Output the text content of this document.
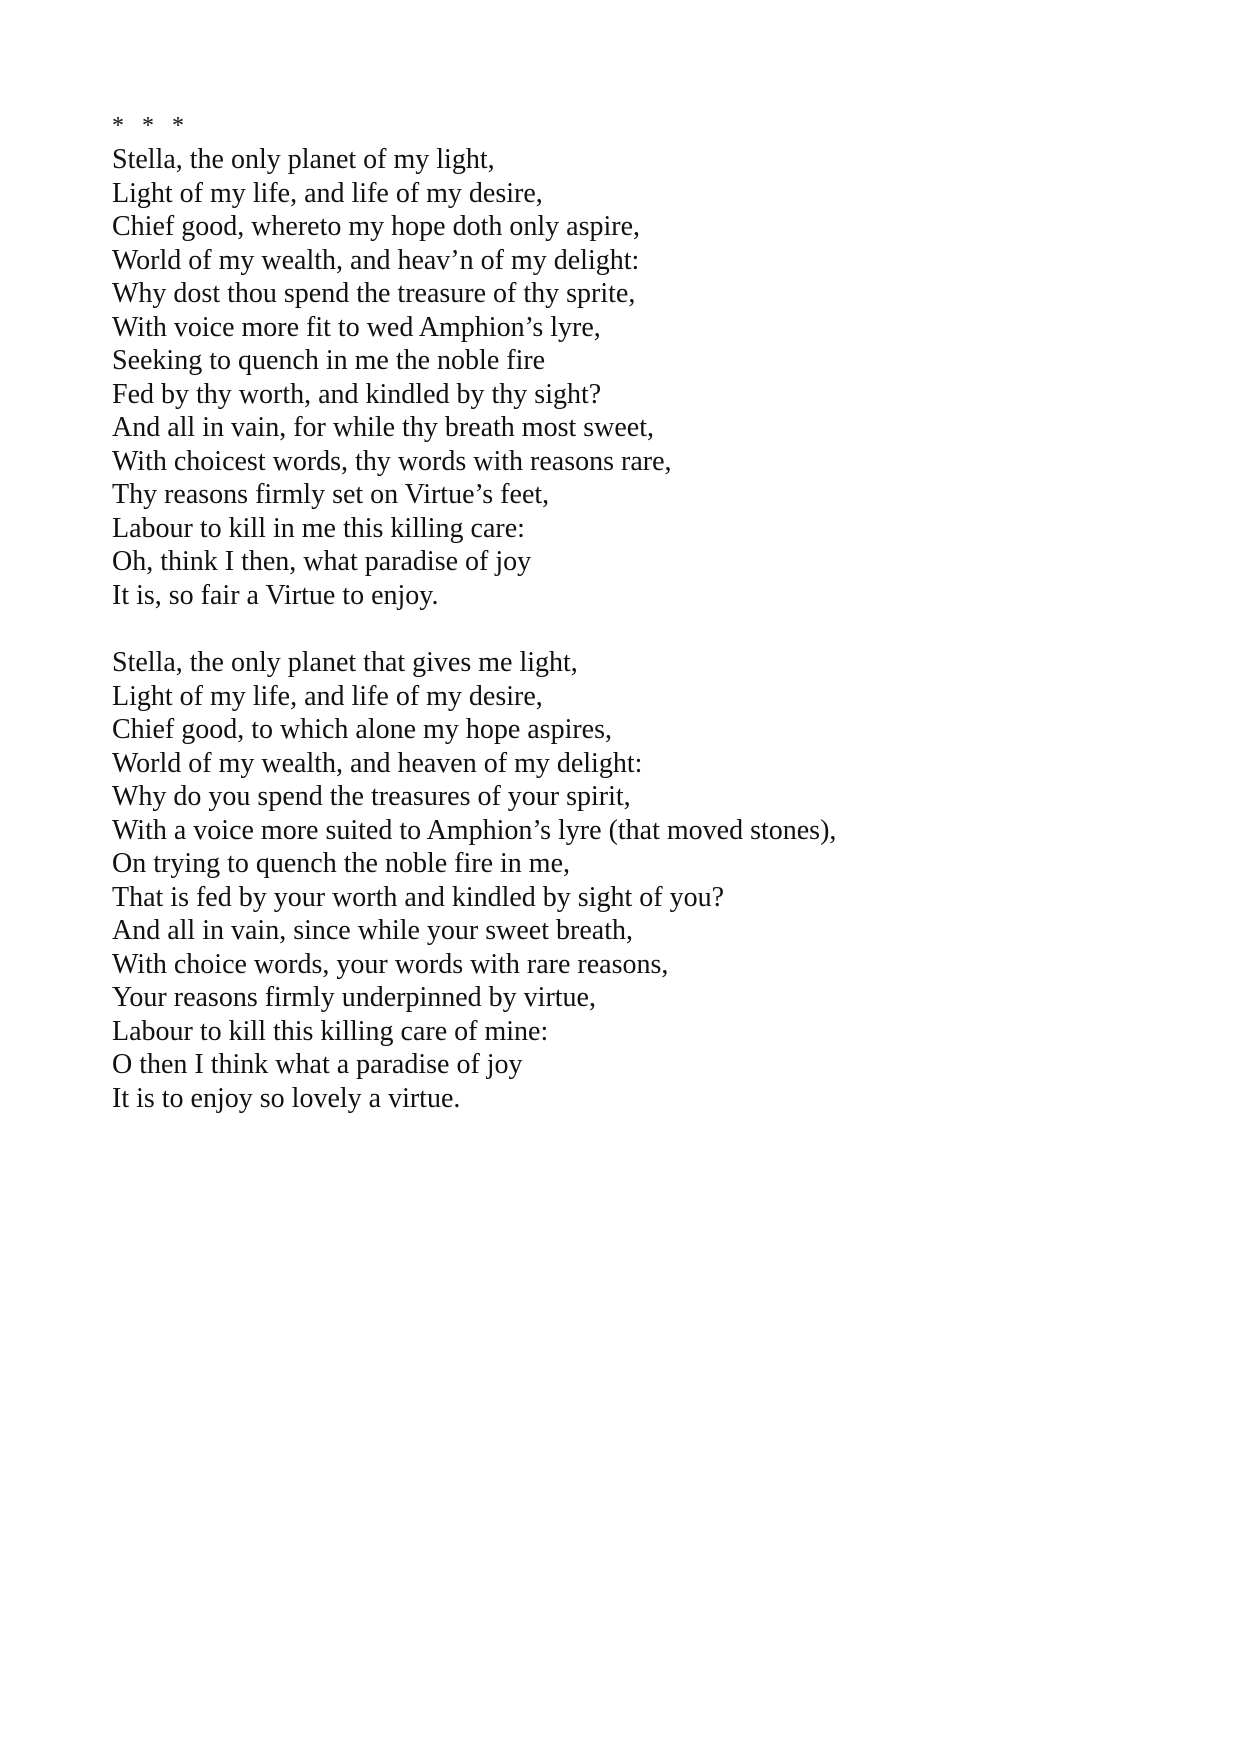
*  *  *
Stella, the only planet of my light,
Light of my life, and life of my desire,
Chief good, whereto my hope doth only aspire,
World of my wealth, and heav’n of my delight:
Why dost thou spend the treasure of thy sprite,
With voice more fit to wed Amphion’s lyre,
Seeking to quench in me the noble fire
Fed by thy worth, and kindled by thy sight?
And all in vain, for while thy breath most sweet,
With choicest words, thy words with reasons rare,
Thy reasons firmly set on Virtue’s feet,
Labour to kill in me this killing care:
Oh, think I then, what paradise of joy
It is, so fair a Virtue to enjoy.
Stella, the only planet that gives me light,
Light of my life, and life of my desire,
Chief good, to which alone my hope aspires,
World of my wealth, and heaven of my delight:
Why do you spend the treasures of your spirit,
With a voice more suited to Amphion’s lyre (that moved stones),
On trying to quench the noble fire in me,
That is fed by your worth and kindled by sight of you?
And all in vain, since while your sweet breath,
With choice words, your words with rare reasons,
Your reasons firmly underpinned by virtue,
Labour to kill this killing care of mine:
O then I think what a paradise of joy
It is to enjoy so lovely a virtue.
